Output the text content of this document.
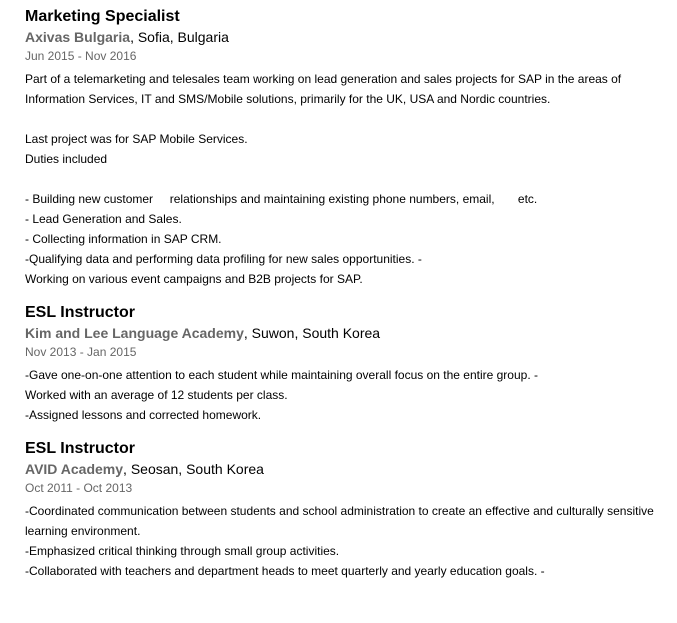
Marketing Specialist
Axivas Bulgaria, Sofia, Bulgaria
Jun 2015 - Nov 2016
Part of a telemarketing and telesales team working on lead generation and sales projects for SAP in the areas of Information Services, IT and SMS/Mobile solutions, primarily for the UK, USA and Nordic countries.
Last project was for SAP Mobile Services.
Duties included
- Building new customer     relationships and maintaining existing phone numbers, email,       etc.
- Lead Generation and Sales.
- Collecting information in SAP CRM.
-Qualifying data and performing data profiling for new sales opportunities. -
Working on various event campaigns and B2B projects for SAP.
ESL Instructor
Kim and Lee Language Academy, Suwon, South Korea
Nov 2013 - Jan 2015
-Gave one-on-one attention to each student while maintaining overall focus on the entire group. -
Worked with an average of 12 students per class.
-Assigned lessons and corrected homework.
ESL Instructor
AVID Academy, Seosan, South Korea
Oct 2011 - Oct 2013
-Coordinated communication between students and school administration to create an effective and culturally sensitive learning environment.
-Emphasized critical thinking through small group activities.
-Collaborated with teachers and department heads to meet quarterly and yearly education goals. -
